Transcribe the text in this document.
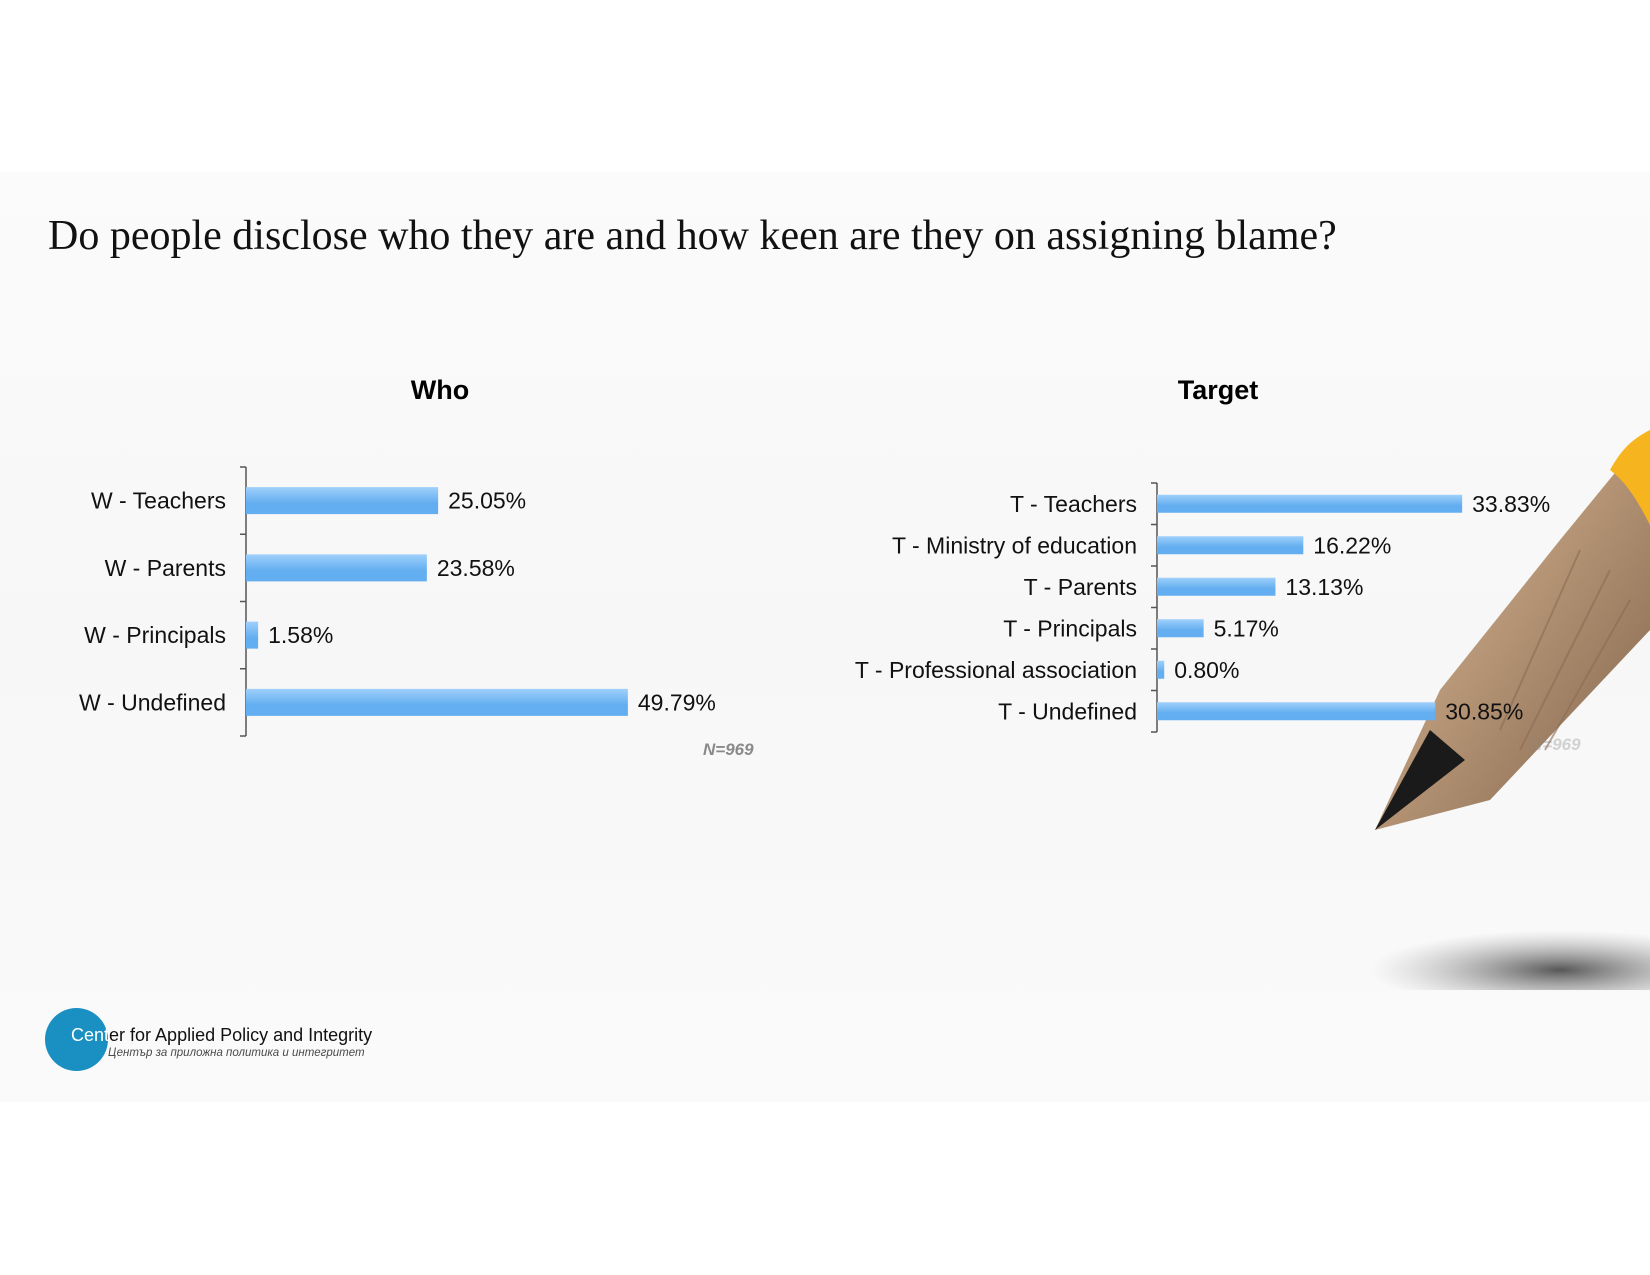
Do people disclose who they are and how keen are they on assigning blame?
Who
W - Teachers	25.05%
W - Parents	23.58%
W - Principals 1.58%
W - Undefined	49.79%
N=969
Target
T - Teachers	33.83%
T - Ministry of education	16.22%
T - Parents	13.13%
T - Principals	5.17%
T - Professional association 0.80%
T - Undefined	30.85%
N=969
Center for Applied Policy and Integrity
Център за приложна политика и интегритет
